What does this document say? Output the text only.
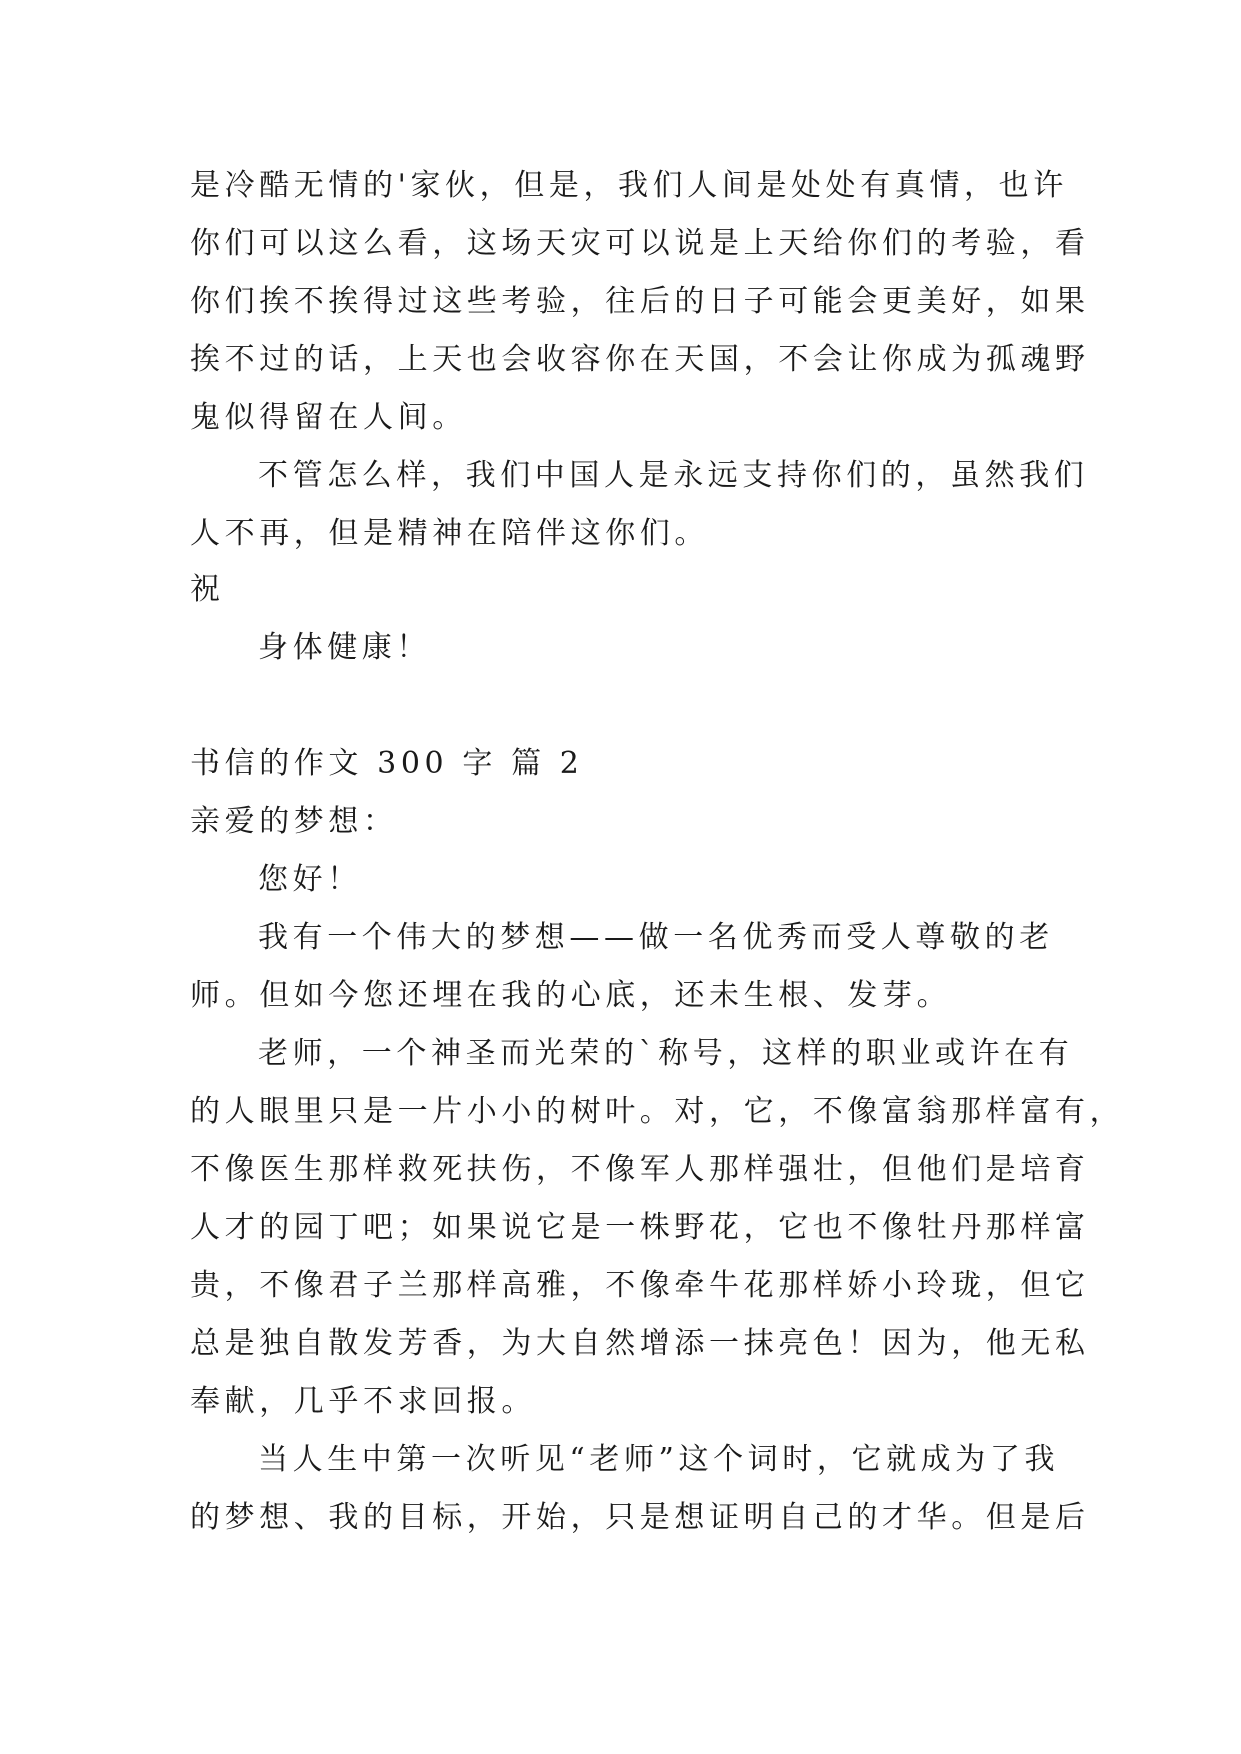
是冷酷无情的'家伙，但是，我们人间是处处有真情，也许
你们可以这么看，这场天灾可以说是上天给你们的考验，看
你们挨不挨得过这些考验，往后的日子可能会更美好，如果
挨不过的话，上天也会收容你在天国，不会让你成为孤魂野
鬼似得留在人间。
不管怎么样，我们中国人是永远支持你们的，虽然我们
人不再，但是精神在陪伴这你们。
祝
身体健康！
书信的作文 300 字 篇 2
亲爱的梦想：
您好！
我有一个伟大的梦想——做一名优秀而受人尊敬的老
师。但如今您还埋在我的心底，还未生根、发芽。
老师，一个神圣而光荣的`称号，这样的职业或许在有
的人眼里只是一片小小的树叶。对，它，不像富翁那样富有，
不像医生那样救死扶伤，不像军人那样强壮，但他们是培育
人才的园丁吧；如果说它是一株野花，它也不像牡丹那样富
贵，不像君子兰那样高雅，不像牵牛花那样娇小玲珑，但它
总是独自散发芳香，为大自然增添一抹亮色！因为，他无私
奉献，几乎不求回报。
当人生中第一次听见“老师”这个词时，它就成为了我
的梦想、我的目标，开始，只是想证明自己的才华。但是后
